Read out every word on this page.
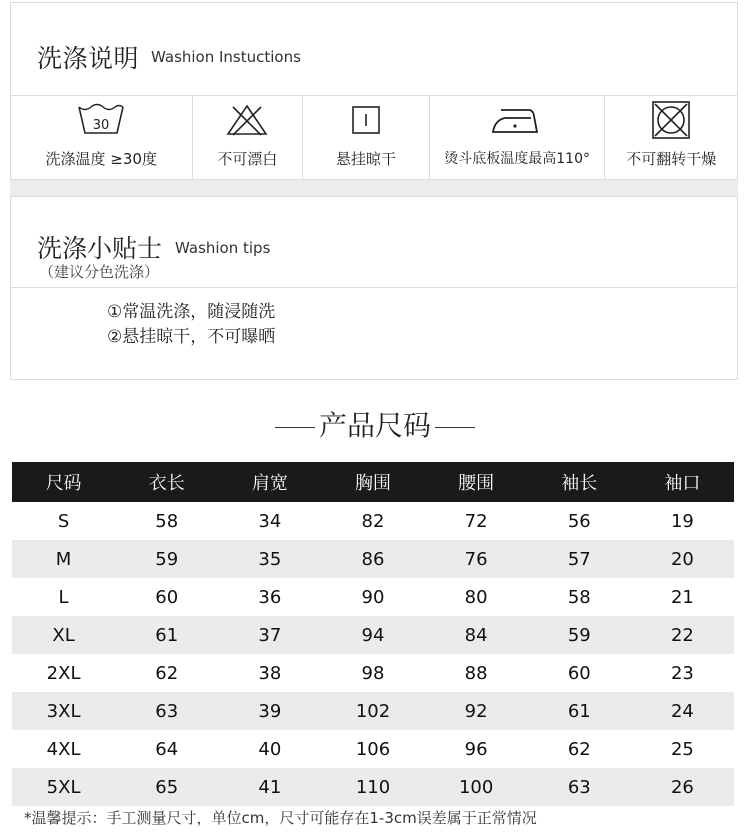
洗涤说明 Washion Instuctions
30
洗涤温度 ≥30度	不可漂白	悬挂晾干	烫斗底板温度最高110°	不可翻转干燥
洗涤小贴士 Washion tips
（建议分色洗涤）
①常温洗涤，随浸随洗
②悬挂晾干，不可曝晒
产品尺码
尺码	衣长	肩宽	胸围	腰围	袖长	袖口
S	58	34	82	72	56	19
M	59	35	86	76	57	20
L	60	36	90	80	58	21
XL	61	37	94	84	59	22
2XL	62	38	98	88	60	23
3XL	63	39	102	92	61	24
4XL	64	40	106	96	62	25
5XL	65	41	110	100	63	26
*温馨提示：手工测量尺寸，单位cm，尺寸可能存在1-3cm误差属于正常情况
